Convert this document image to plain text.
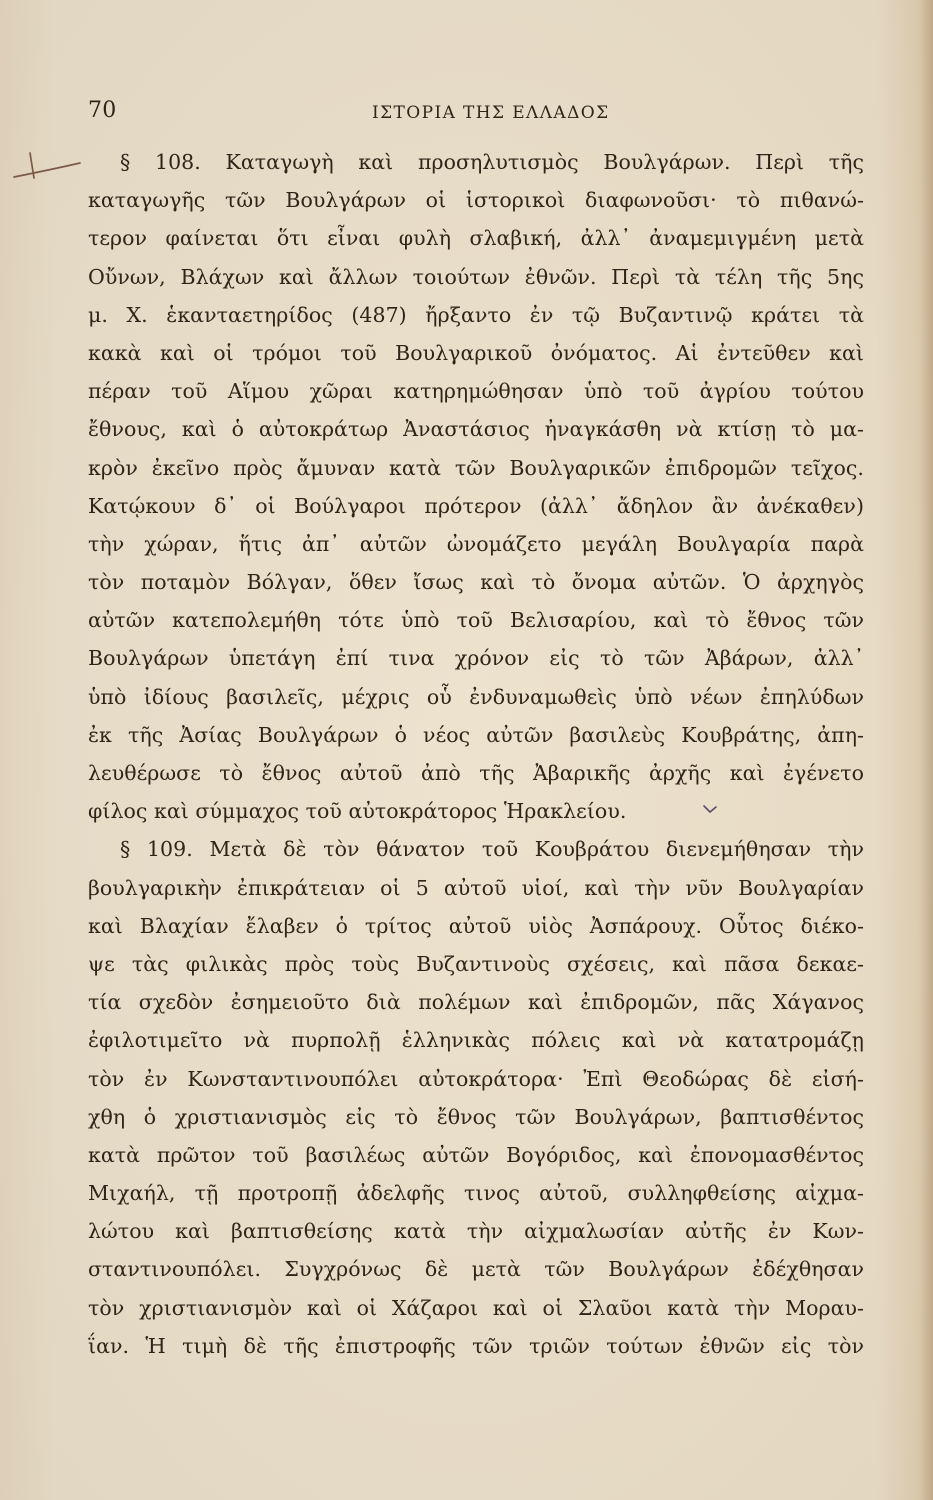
70	ΙΣΤΟΡΙΑ ΤΗΣ ΕΛΛΑΔΟΣ
§ 108. Καταγωγὴ καὶ προσηλυτισμὸς Βουλγάρων. Περὶ τῆς
καταγωγῆς τῶν Βουλγάρων οἱ ἱστορικοὶ διαφωνοῦσι· τὸ πιθανώ-
τερον φαίνεται ὅτι εἶναι φυλὴ σλαβική, ἀλλ᾽ ἀναμεμιγμένη μετὰ
Οὔνων, Βλάχων καὶ ἄλλων τοιούτων ἐθνῶν. Περὶ τὰ τέλη τῆς 5ης
μ. Χ. ἑκανταετηρίδος (487) ἤρξαντο ἐν τῷ Βυζαντινῷ κράτει τὰ
κακὰ καὶ οἱ τρόμοι τοῦ Βουλγαρικοῦ ὀνόματος. Αἱ ἐντεῦθεν καὶ
πέραν τοῦ Αἵμου χῶραι κατηρημώθησαν ὑπὸ τοῦ ἀγρίου τούτου
ἔθνους, καὶ ὁ αὐτοκράτωρ Ἀναστάσιος ἠναγκάσθη νὰ κτίσῃ τὸ μα-
κρὸν ἐκεῖνο πρὸς ἄμυναν κατὰ τῶν Βουλγαρικῶν ἐπιδρομῶν τεῖχος.
Κατῴκουν δ᾽ οἱ Βούλγαροι πρότερον (ἀλλ᾽ ἄδηλον ἂν ἀνέκαθεν)
τὴν χώραν, ἥτις ἀπ᾽ αὐτῶν ὠνομάζετο μεγάλη Βουλγαρία παρὰ
τὸν ποταμὸν Βόλγαν, ὅθεν ἴσως καὶ τὸ ὄνομα αὐτῶν. Ὁ ἀρχηγὸς
αὐτῶν κατεπολεμήθη τότε ὑπὸ τοῦ Βελισαρίου, καὶ τὸ ἔθνος τῶν
Βουλγάρων ὑπετάγη ἐπί τινα χρόνον εἰς τὸ τῶν Ἀβάρων, ἀλλ᾽
ὑπὸ ἰδίους βασιλεῖς, μέχρις οὗ ἐνδυναμωθεὶς ὑπὸ νέων ἐπηλύδων
ἐκ τῆς Ἀσίας Βουλγάρων ὁ νέος αὐτῶν βασιλεὺς Κουβράτης, ἀπη-
λευθέρωσε τὸ ἔθνος αὐτοῦ ἀπὸ τῆς Ἀβαρικῆς ἀρχῆς καὶ ἐγένετο
φίλος καὶ σύμμαχος τοῦ αὐτοκράτορος Ἡρακλείου.
§ 109. Μετὰ δὲ τὸν θάνατον τοῦ Κουβράτου διενεμήθησαν τὴν
βουλγαρικὴν ἐπικράτειαν οἱ 5 αὐτοῦ υἱοί, καὶ τὴν νῦν Βουλγαρίαν
καὶ Βλαχίαν ἔλαβεν ὁ τρίτος αὐτοῦ υἱὸς Ἀσπάρουχ. Οὗτος διέκο-
ψε τὰς φιλικὰς πρὸς τοὺς Βυζαντινοὺς σχέσεις, καὶ πᾶσα δεκαε-
τία σχεδὸν ἐσημειοῦτο διὰ πολέμων καὶ ἐπιδρομῶν, πᾶς Χάγανος
ἐφιλοτιμεῖτο νὰ πυρπολῇ ἑλληνικὰς πόλεις καὶ νὰ κατατρομάζῃ
τὸν ἐν Κωνσταντινουπόλει αὐτοκράτορα· Ἐπὶ Θεοδώρας δὲ εἰσή-
χθη ὁ χριστιανισμὸς εἰς τὸ ἔθνος τῶν Βουλγάρων, βαπτισθέντος
κατὰ πρῶτον τοῦ βασιλέως αὐτῶν Βογόριδος, καὶ ἐπονομασθέντος
Μιχαήλ, τῇ προτροπῇ ἀδελφῆς τινος αὐτοῦ, συλληφθείσης αἰχμα-
λώτου καὶ βαπτισθείσης κατὰ τὴν αἰχμαλωσίαν αὐτῆς ἐν Κων-
σταντινουπόλει. Συγχρόνως δὲ μετὰ τῶν Βουλγάρων ἐδέχθησαν
τὸν χριστιανισμὸν καὶ οἱ Χάζαροι καὶ οἱ Σλαῦοι κατὰ τὴν Μοραυ-
ΐαν. Ἡ τιμὴ δὲ τῆς ἐπιστροφῆς τῶν τριῶν τούτων ἐθνῶν εἰς τὸν
